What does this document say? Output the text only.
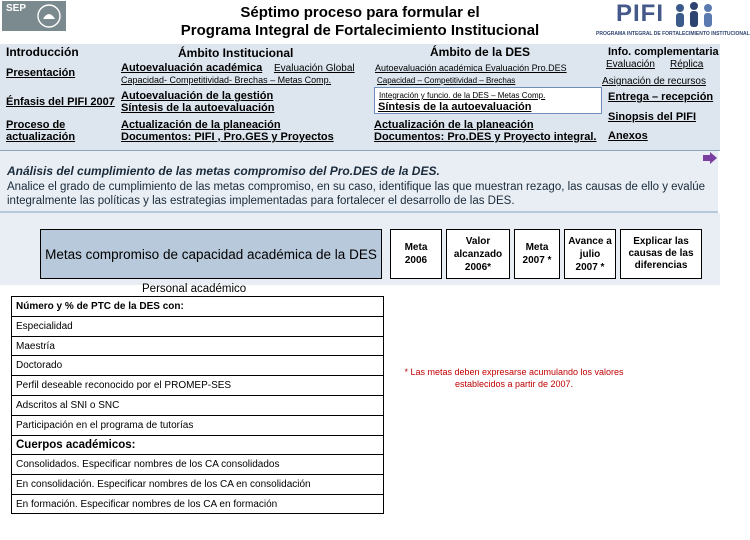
SEP	Séptimo proceso para formular el
Programa Integral de Fortalecimiento Institucional
PIFI
PROGRAMA INTEGRAL DE FORTALECIMIENTO INSTITUCIONAL
Introducción
Presentación
Énfasis del PIFI 2007
Proceso de actualización
Ámbito Institucional
Autoevaluación académica Evaluación Global
Capacidad- Competitividad- Brechas – Metas Comp.
Autoevaluación de la gestión
Síntesis de la autoevaluación
Actualización de la planeación
Documentos: PIFI , Pro.GES y Proyectos
Ámbito de la DES
Autoevaluación académica Evaluación Pro.DES
Capacidad – Competitividad – Brechas
Integración y funcio. de la DES – Metas Comp.
Síntesis de la autoevaluación
Actualización de la planeación
Documentos: Pro.DES y Proyecto integral.
Info. complementaria
Evaluación Réplica
Asignación de recursos
Entrega – recepción
Sinopsis del PIFI
Anexos
Análisis del cumplimiento de las metas compromiso del Pro.DES de la DES.
Analice el grado de cumplimiento de las metas compromiso, en su caso, identifique las que muestran rezago, las causas de ello y evalúe integralmente las políticas y las estrategias implementadas para fortalecer el desarrollo de las DES.
Metas compromiso de capacidad académica de la DES	Meta 2006
Valor alcanzado 2006*
Meta 2007 *
Avance a julio 2007 *
Explicar las causas de las diferencias
Personal académico
Número y % de PTC de la DES con:
Especialidad
Maestría
Doctorado
Perfil deseable reconocido por el PROMEP-SES
Adscritos al SNI o SNC
Participación en el programa de tutorías
Cuerpos académicos:
Consolidados. Especificar nombres de los CA consolidados
En consolidación. Especificar nombres de los CA en consolidación
En formación. Especificar nombres de los CA en formación
* Las metas deben expresarse acumulando los valores establecidos a partir de 2007.
